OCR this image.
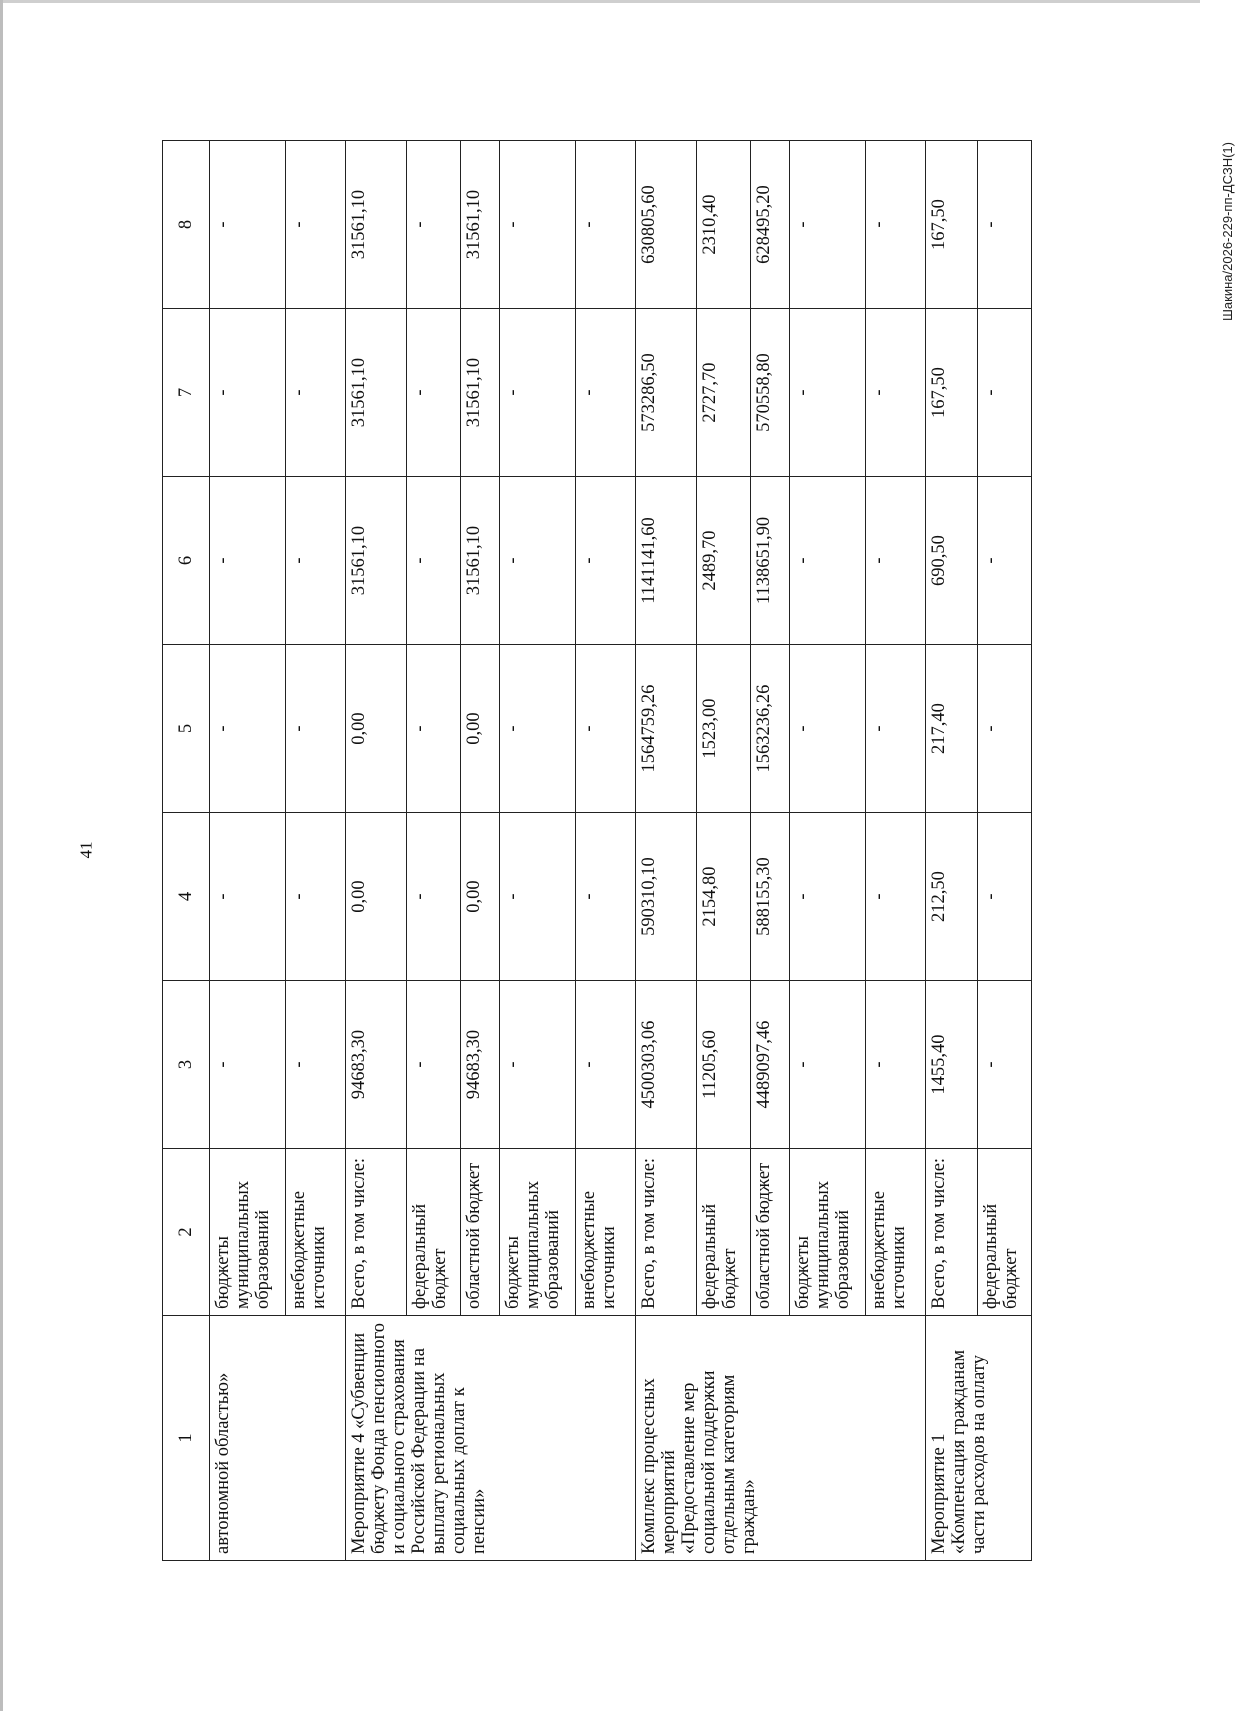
41
Шакина/2026-229-пп-ДСЗН(1)
1	2	3	4	5	6	7	8
автономной областью»	бюджеты муниципальных образований	-	-	-	-	-	-
	внебюджетные источники	-	-	-	-	-	-
Мероприятие 4 «Субвенции бюджету Фонда пенсионного и социального страхования Российской Федерации на выплату региональных социальных доплат к пенсии»	Всего, в том числе:	94683,30	0,00	0,00	31561,10	31561,10	31561,10
	федеральный бюджет	-	-	-	-	-	-
	областной бюджет	94683,30	0,00	0,00	31561,10	31561,10	31561,10
	бюджеты муниципальных образований	-	-	-	-	-	-
	внебюджетные источники	-	-	-	-	-	-
Комплекс процессных мероприятий «Предоставление мер социальной поддержки отдельным категориям граждан»	Всего, в том числе:	4500303,06	590310,10	1564759,26	1141141,60	573286,50	630805,60
	федеральный бюджет	11205,60	2154,80	1523,00	2489,70	2727,70	2310,40
	областной бюджет	4489097,46	588155,30	1563236,26	1138651,90	570558,80	628495,20
	бюджеты муниципальных образований	-	-	-	-	-	-
	внебюджетные источники	-	-	-	-	-	-
Мероприятие 1 «Компенсация гражданам части расходов на оплату	Всего, в том числе:	1455,40	212,50	217,40	690,50	167,50	167,50
	федеральный бюджет	-	-	-	-	-	-
